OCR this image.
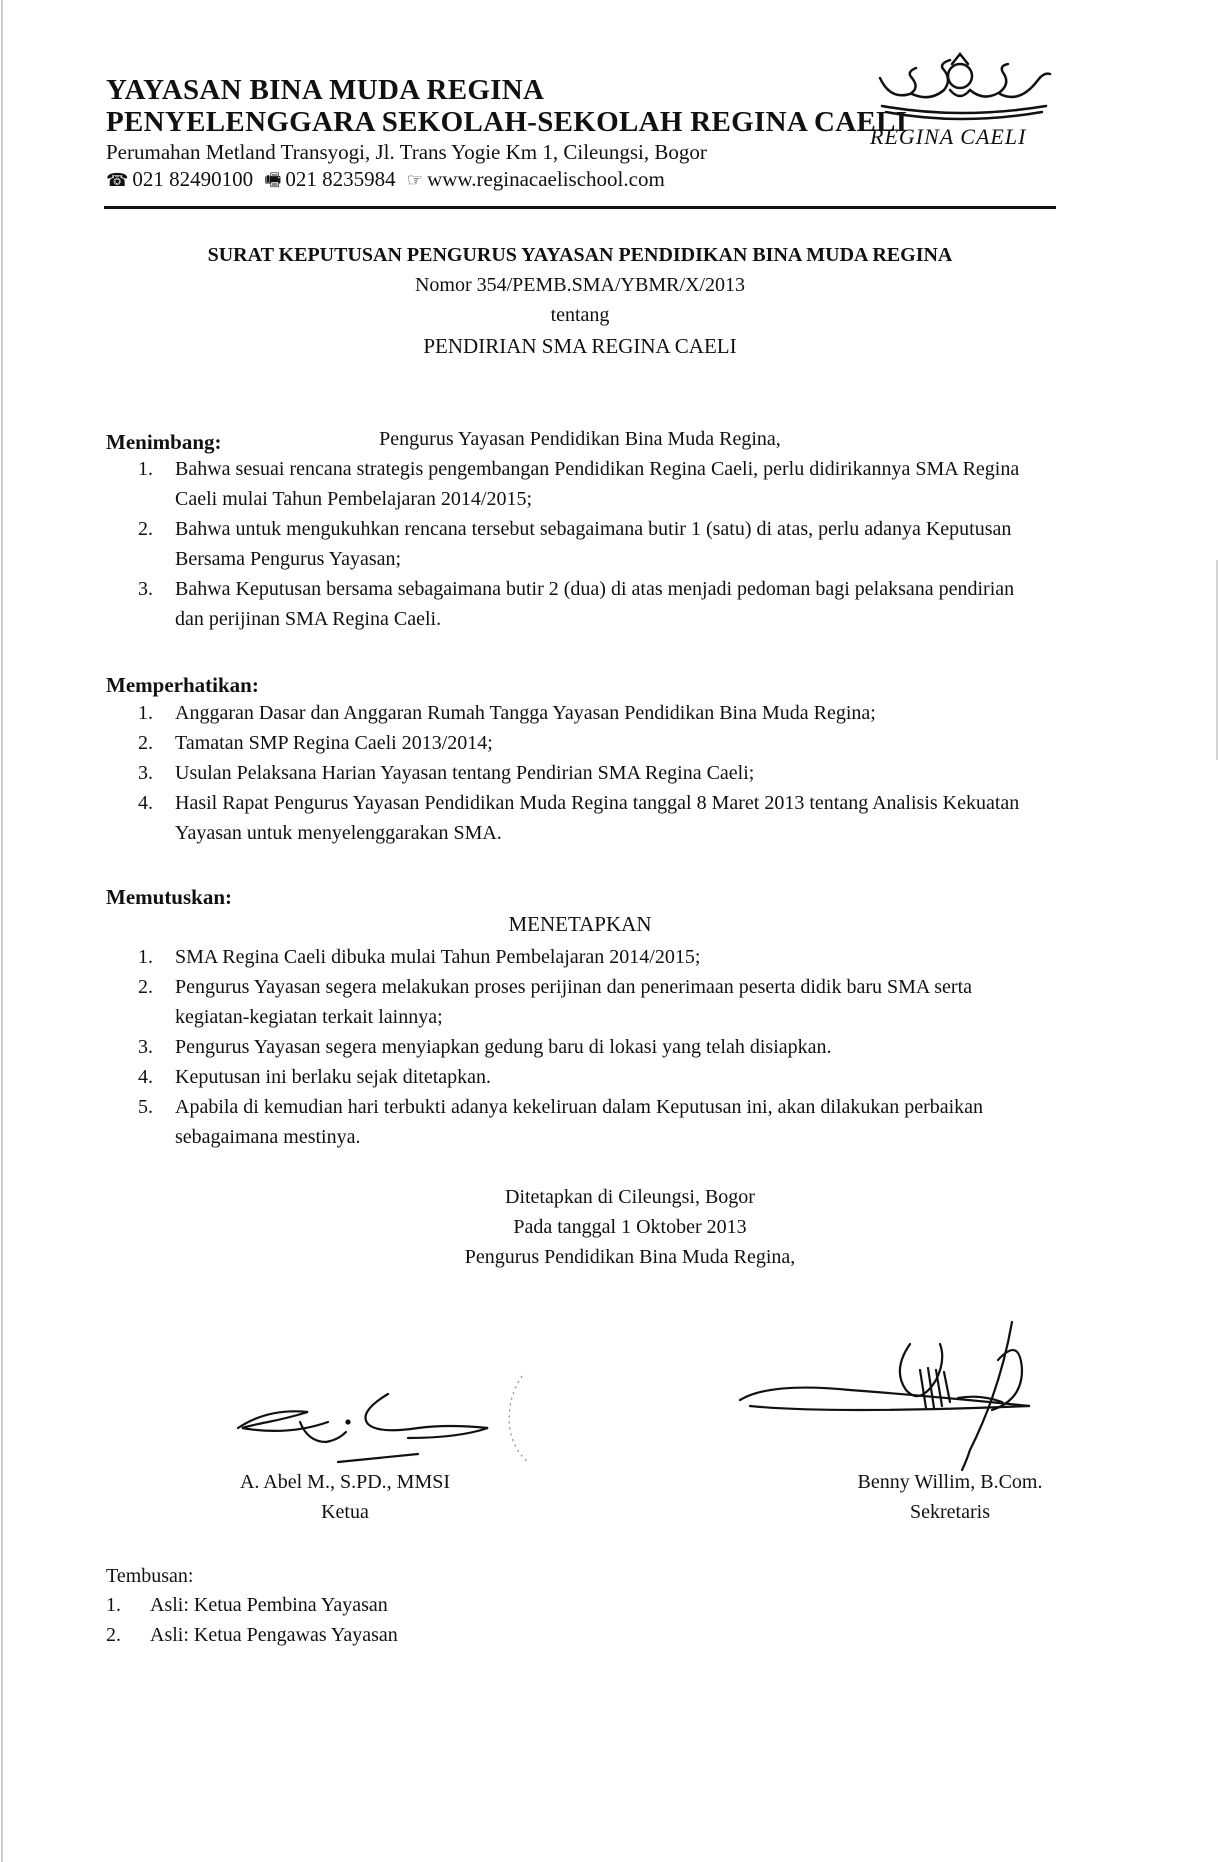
YAYASAN BINA MUDA REGINA
PENYELENGGARA SEKOLAH-SEKOLAH REGINA CAELI
Perumahan Metland Transyogi, Jl. Trans Yogie Km 1, Cileungsi, Bogor
☎ 021 82490100 🖷 021 8235984 ☞ www.reginacaelischool.com
REGINA CAELI
SURAT KEPUTUSAN PENGURUS YAYASAN PENDIDIKAN BINA MUDA REGINA
Nomor 354/PEMB.SMA/YBMR/X/2013
tentang
PENDIRIAN SMA REGINA CAELI
Pengurus Yayasan Pendidikan Bina Muda Regina,
Menimbang:
1.	Bahwa sesuai rencana strategis pengembangan Pendidikan Regina Caeli, perlu didirikannya SMA Regina
Caeli mulai Tahun Pembelajaran 2014/2015;
2.	Bahwa untuk mengukuhkan rencana tersebut sebagaimana butir 1 (satu) di atas, perlu adanya Keputusan
Bersama Pengurus Yayasan;
3.	Bahwa Keputusan bersama sebagaimana butir 2 (dua) di atas menjadi pedoman bagi pelaksana pendirian
dan perijinan SMA Regina Caeli.
Memperhatikan:
1.	Anggaran Dasar dan Anggaran Rumah Tangga Yayasan Pendidikan Bina Muda Regina;
2.	Tamatan SMP Regina Caeli 2013/2014;
3.	Usulan Pelaksana Harian Yayasan tentang Pendirian SMA Regina Caeli;
4.	Hasil Rapat Pengurus Yayasan Pendidikan Muda Regina tanggal 8 Maret 2013 tentang Analisis Kekuatan
Yayasan untuk menyelenggarakan SMA.
Memutuskan:
MENETAPKAN
1.	SMA Regina Caeli dibuka mulai Tahun Pembelajaran 2014/2015;
2.	Pengurus Yayasan segera melakukan proses perijinan dan penerimaan peserta didik baru SMA serta
kegiatan-kegiatan terkait lainnya;
3.	Pengurus Yayasan segera menyiapkan gedung baru di lokasi yang telah disiapkan.
4.	Keputusan ini berlaku sejak ditetapkan.
5.	Apabila di kemudian hari terbukti adanya kekeliruan dalam Keputusan ini, akan dilakukan perbaikan
sebagaimana mestinya.
Ditetapkan di Cileungsi, Bogor
Pada tanggal 1 Oktober 2013
Pengurus Pendidikan Bina Muda Regina,
A. Abel M., S.PD., MMSI
Ketua
Benny Willim, B.Com.
Sekretaris
Tembusan:
1. Asli: Ketua Pembina Yayasan
2. Asli: Ketua Pengawas Yayasan
